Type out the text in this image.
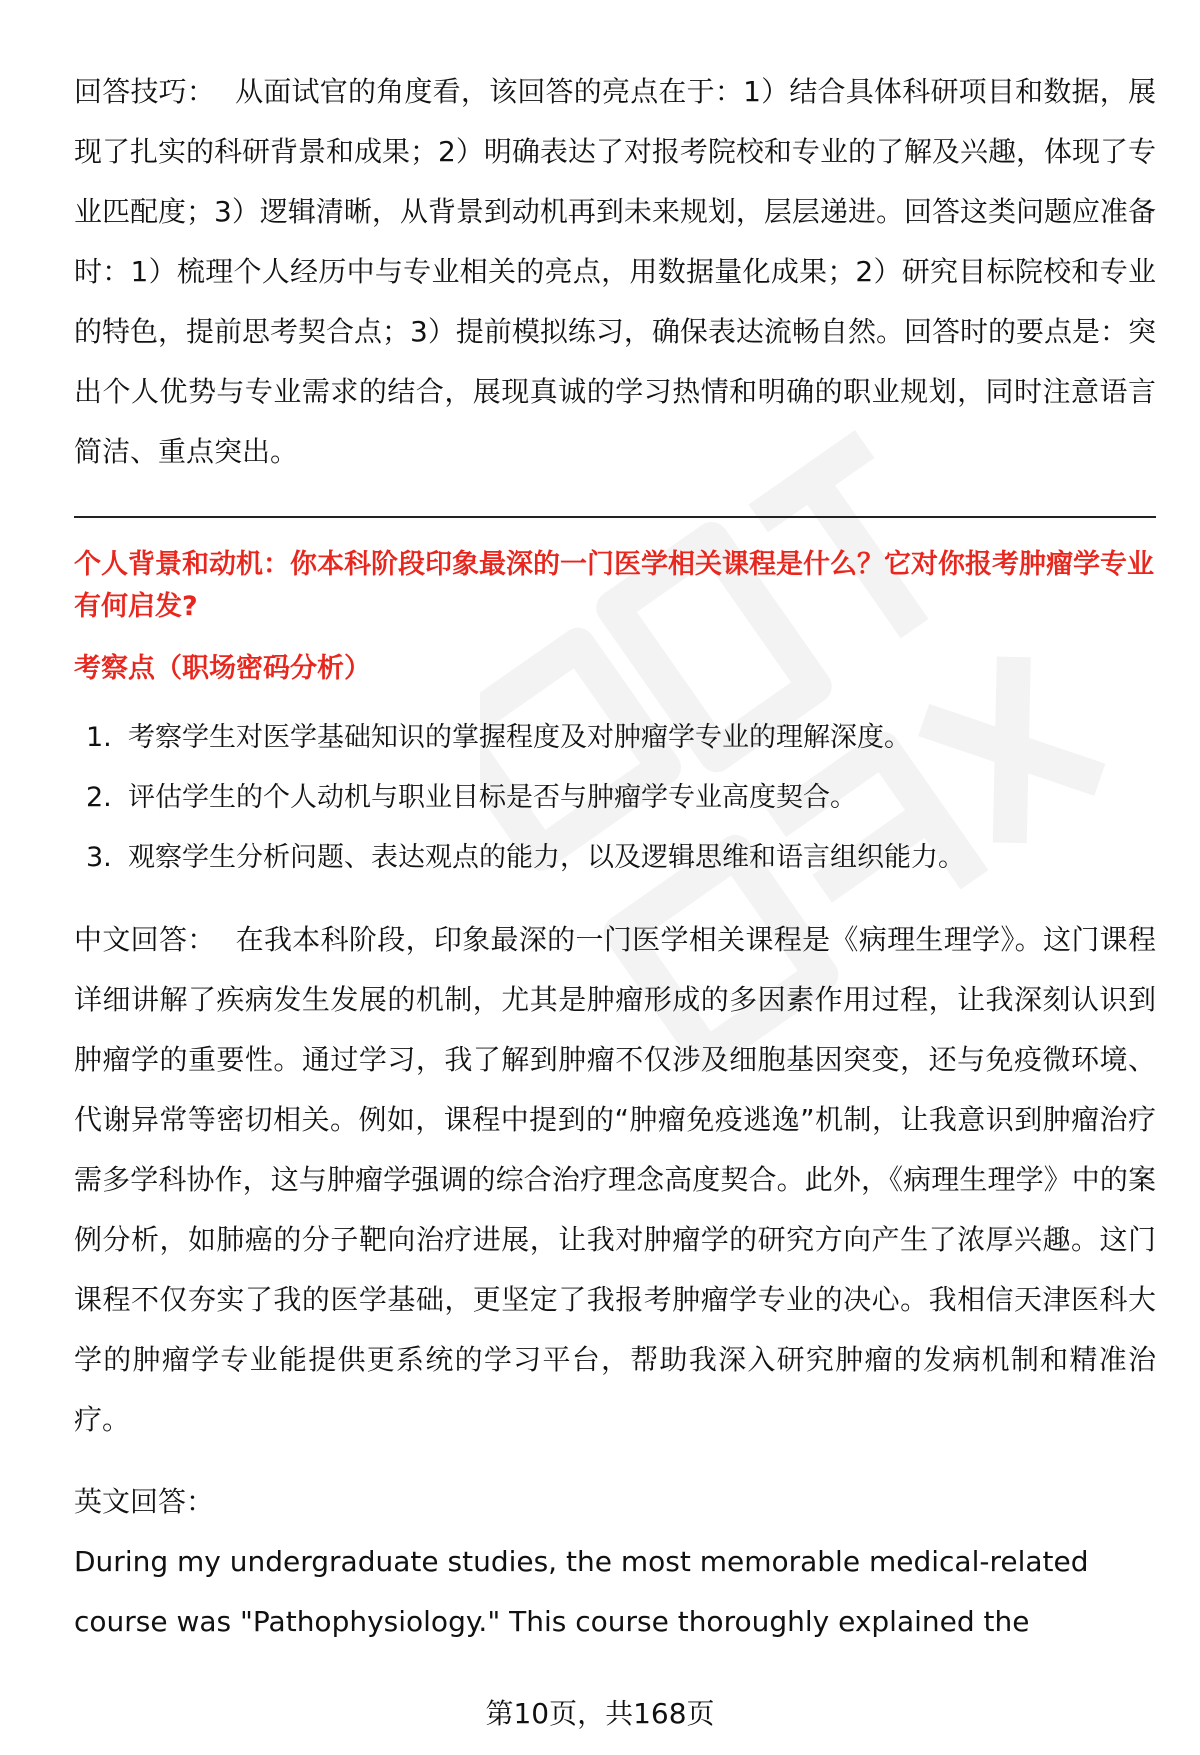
回答技巧： 从面试官的角度看，该回答的亮点在于：1）结合具体科研项目和数据，展现了扎实的科研背景和成果；2）明确表达了对报考院校和专业的了解及兴趣，体现了专业匹配度；3）逻辑清晰，从背景到动机再到未来规划，层层递进。回答这类问题应准备时：1）梳理个人经历中与专业相关的亮点，用数据量化成果；2）研究目标院校和专业的特色，提前思考契合点；3）提前模拟练习，确保表达流畅自然。回答时的要点是：突出个人优势与专业需求的结合，展现真诚的学习热情和明确的职业规划，同时注意语言简洁、重点突出。

个人背景和动机：你本科阶段印象最深的一门医学相关课程是什么？它对你报考肿瘤学专业有何启发?

考察点（职场密码分析）

1. 考察学生对医学基础知识的掌握程度及对肿瘤学专业的理解深度。
2. 评估学生的个人动机与职业目标是否与肿瘤学专业高度契合。
3. 观察学生分析问题、表达观点的能力，以及逻辑思维和语言组织能力。

中文回答： 在我本科阶段，印象最深的一门医学相关课程是《病理生理学》。这门课程详细讲解了疾病发生发展的机制，尤其是肿瘤形成的多因素作用过程，让我深刻认识到肿瘤学的重要性。通过学习，我了解到肿瘤不仅涉及细胞基因突变，还与免疫微环境、代谢异常等密切相关。例如，课程中提到的“肿瘤免疫逃逸”机制，让我意识到肿瘤治疗需多学科协作，这与肿瘤学强调的综合治疗理念高度契合。此外，《病理生理学》中的案例分析，如肺癌的分子靶向治疗进展，让我对肿瘤学的研究方向产生了浓厚兴趣。这门课程不仅夯实了我的医学基础，更坚定了我报考肿瘤学专业的决心。我相信天津医科大学的肿瘤学专业能提供更系统的学习平台，帮助我深入研究肿瘤的发病机制和精准治疗。

英文回答：

During my undergraduate studies, the most memorable medical-related course was "Pathophysiology." This course thoroughly explained the

第10页，共168页
